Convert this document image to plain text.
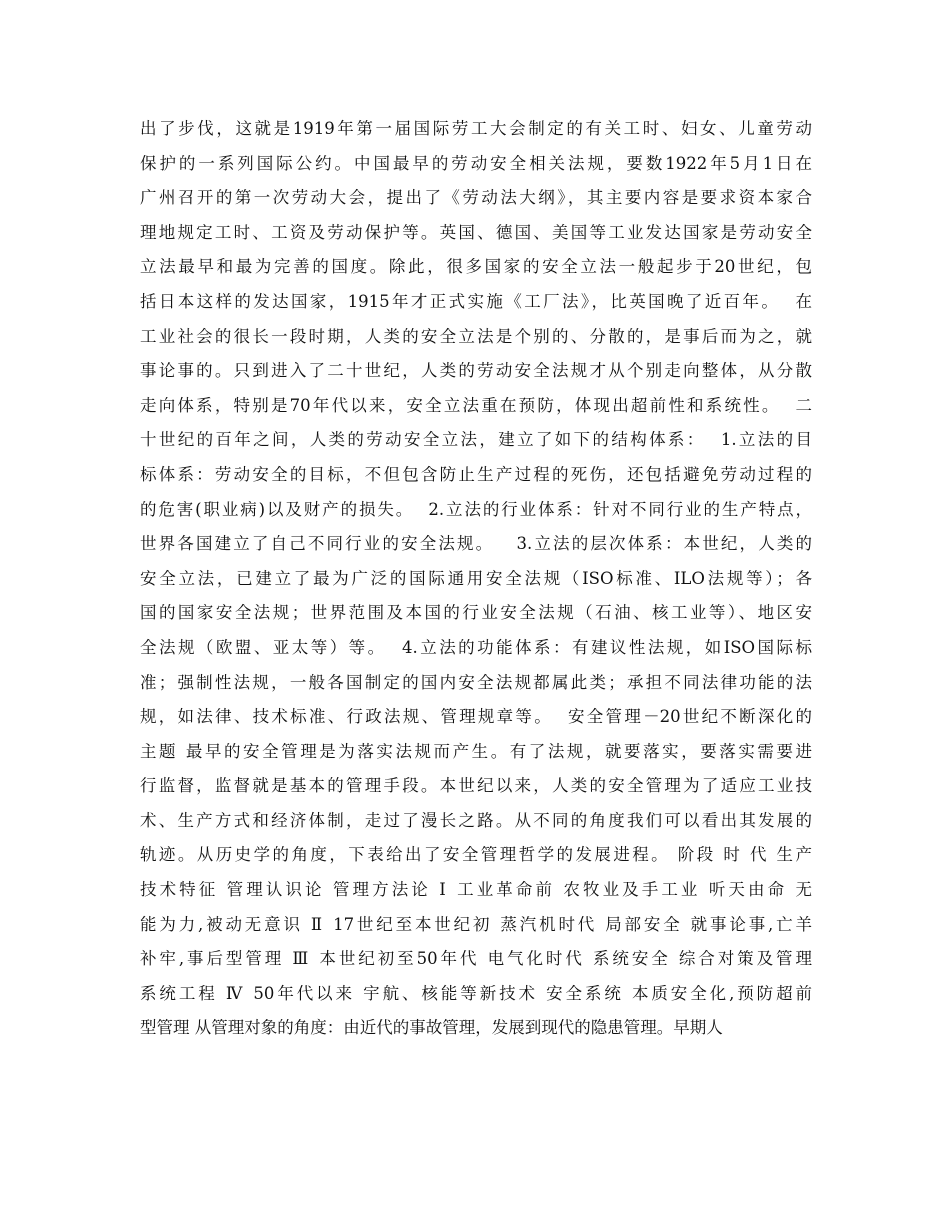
出了步伐，这就是1919年第一届国际劳工大会制定的有关工时、妇女、儿童劳动
保护的一系列国际公约。中国最早的劳动安全相关法规，要数1922年5月1日在
广州召开的第一次劳动大会，提出了《劳动法大纲》，其主要内容是要求资本家合
理地规定工时、工资及劳动保护等。英国、德国、美国等工业发达国家是劳动安全
立法最早和最为完善的国度。除此，很多国家的安全立法一般起步于20世纪，包
括日本这样的发达国家，1915年才正式实施《工厂法》，比英国晚了近百年。  在
工业社会的很长一段时期，人类的安全立法是个别的、分散的，是事后而为之，就
事论事的。只到进入了二十世纪，人类的劳动安全法规才从个别走向整体，从分散
走向体系，特别是70年代以来，安全立法重在预防，体现出超前性和系统性。  二
十世纪的百年之间，人类的劳动安全立法，建立了如下的结构体系：  1.立法的目
标体系：劳动安全的目标，不但包含防止生产过程的死伤，还包括避免劳动过程的
的危害(职业病)以及财产的损失。  2.立法的行业体系：针对不同行业的生产特点，
世界各国建立了自己不同行业的安全法规。   3.立法的层次体系：本世纪，人类的
安全立法，已建立了最为广泛的国际通用安全法规（ISO标准、ILO法规等）；各
国的国家安全法规；世界范围及本国的行业安全法规（石油、核工业等）、地区安
全法规（欧盟、亚太等）等。  4.立法的功能体系：有建议性法规，如ISO国际标
准；强制性法规，一般各国制定的国内安全法规都属此类；承担不同法律功能的法
规，如法律、技术标准、行政法规、管理规章等。  安全管理－20世纪不断深化的
主题 最早的安全管理是为落实法规而产生。有了法规，就要落实，要落实需要进
行监督，监督就是基本的管理手段。本世纪以来，人类的安全管理为了适应工业技
术、生产方式和经济体制，走过了漫长之路。从不同的角度我们可以看出其发展的
轨迹。从历史学的角度，下表给出了安全管理哲学的发展进程。 阶段 时 代 生产
技术特征 管理认识论 管理方法论 Ⅰ 工业革命前 农牧业及手工业 听天由命 无
能为力,被动无意识 Ⅱ 17世纪至本世纪初 蒸汽机时代 局部安全 就事论事,亡羊
补牢,事后型管理 Ⅲ 本世纪初至50年代 电气化时代 系统安全 综合对策及管理
系统工程 Ⅳ 50年代以来 宇航、核能等新技术 安全系统 本质安全化,预防超前
型管理 从管理对象的角度：由近代的事故管理，发展到现代的隐患管理。早期人
